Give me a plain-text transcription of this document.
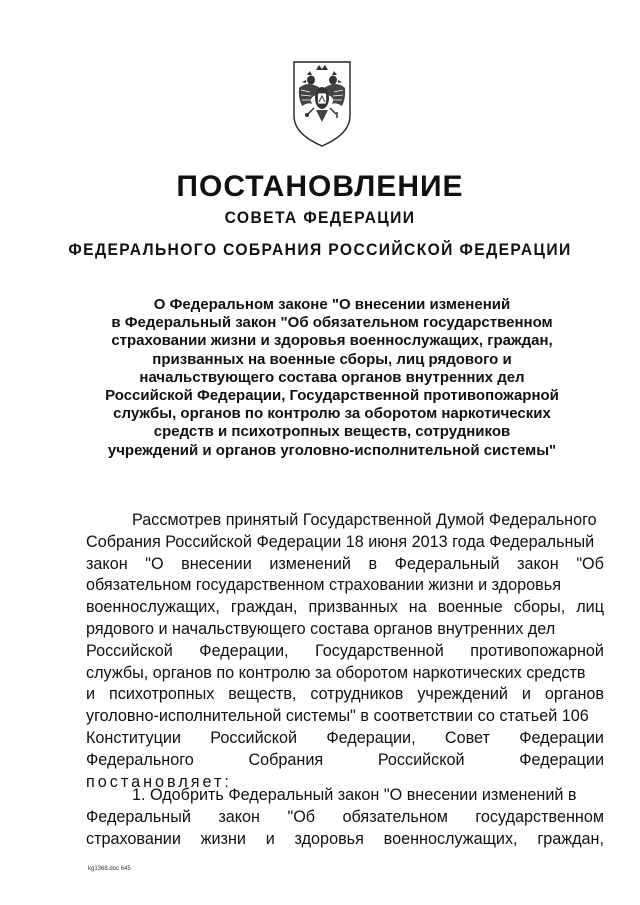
ПОСТАНОВЛЕНИЕ
СОВЕТА ФЕДЕРАЦИИ
ФЕДЕРАЛЬНОГО СОБРАНИЯ РОССИЙСКОЙ ФЕДЕРАЦИИ
О Федеральном законе "О внесении изменений
в Федеральный закон "Об обязательном государственном
страховании жизни и здоровья военнослужащих, граждан,
призванных на военные сборы, лиц рядового и
начальствующего состава органов внутренних дел
Российской Федерации, Государственной противопожарной
службы, органов по контролю за оборотом наркотических
средств и психотропных веществ, сотрудников
учреждений и органов уголовно-исполнительной системы"
Рассмотрев принятый Государственной Думой Федерального
Собрания Российской Федерации 18 июня 2013 года Федеральный
закон "О внесении изменений в Федеральный закон "Об
обязательном государственном страховании жизни и здоровья
военнослужащих, граждан, призванных на военные сборы, лиц
рядового и начальствующего состава органов внутренних дел
Российской Федерации, Государственной противопожарной
службы, органов по контролю за оборотом наркотических средств
и психотропных веществ, сотрудников учреждений и органов
уголовно-исполнительной системы" в соответствии со статьей 106
Конституции Российской Федерации, Совет Федерации
Федерального	Собрания	Российской	Федерации
постановляет:
1. Одобрить Федеральный закон "О внесении изменений в
Федеральный закон "Об обязательном государственном
страховании жизни и здоровья военнослужащих, граждан,
kg1368.doc 645
